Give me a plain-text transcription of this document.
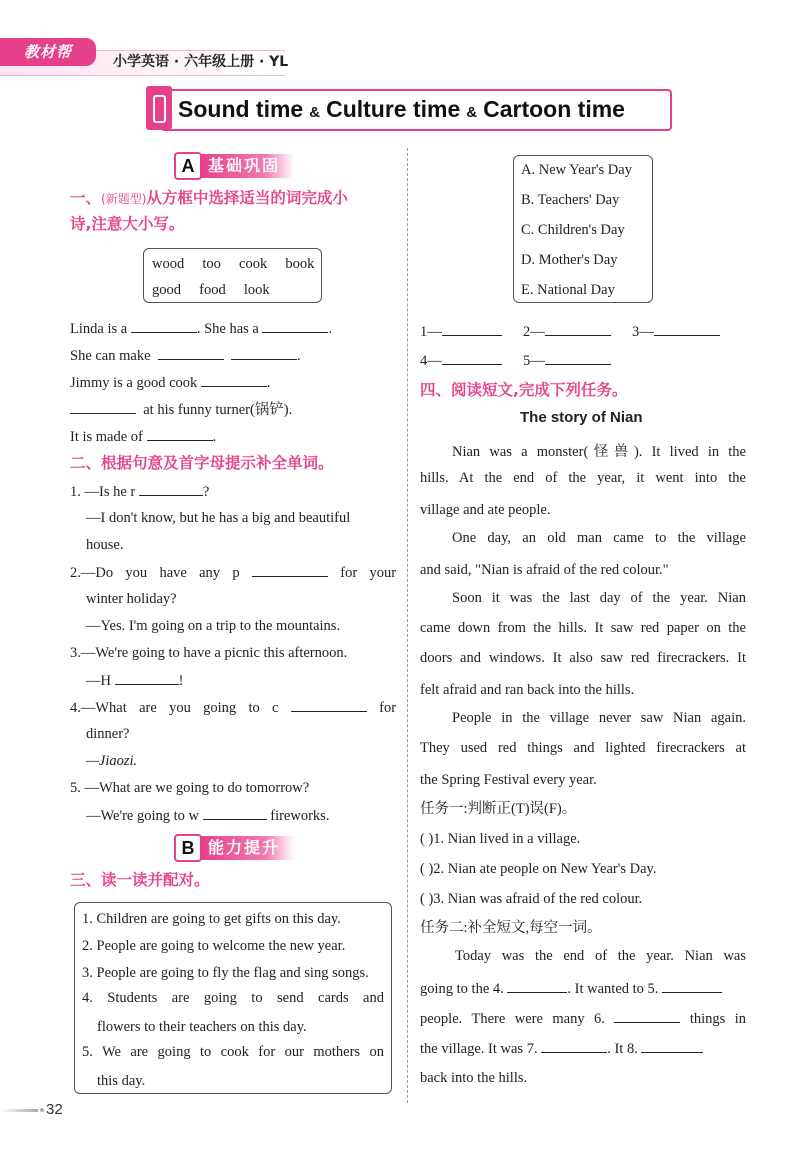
教材帮
小学英语 · 六年级上册 · YL
Sound time & Culture time & Cartoon time
A 基础巩固
一、(新题型)从方框中选择适当的词完成小
诗,注意大小写。
wood too cook book
good food look
Linda is a	. She has a	.
She can make	.
Jimmy is a good cook	.
at his funny turner(锅铲).
It is made of	.
二、根据句意及首字母提示补全单词。
1. —Is he r	?
—I don't know, but he has a big and beautiful
house.
2.—Do you have any p	for your
winter holiday?
—Yes. I'm going on a trip to the mountains.
3.—We're going to have a picnic this afternoon.
—H	!
4.—What are you going to c	for
dinner?
—Jiaozi.
5. —What are we going to do tomorrow?
—We're going to w	fireworks.
B 能力提升
三、读一读并配对。
1. Children are going to get gifts on this day.
2. People are going to welcome the new year.
3. People are going to fly the flag and sing songs.
4. Students are going to send cards and
flowers to their teachers on this day.
5. We are going to cook for our mothers on
this day.
A. New Year's Day
B. Teachers' Day
C. Children's Day
D. Mother's Day
E. National Day
1—	2—	3—
4—	5—
四、阅读短文,完成下列任务。
The story of Nian
Nian was a monster(怪兽). It lived in the
hills. At the end of the year, it went into the
village and ate people.
One day, an old man came to the village
and said, "Nian is afraid of the red colour."
Soon it was the last day of the year. Nian
came down from the hills. It saw red paper on the
doors and windows. It also saw red firecrackers. It
felt afraid and ran back into the hills.
People in the village never saw Nian again.
They used red things and lighted firecrackers at
the Spring Festival every year.
任务一:判断正(T)误(F)。
( )1. Nian lived in a village.
( )2. Nian ate people on New Year's Day.
( )3. Nian was afraid of the red colour.
任务二:补全短文,每空一词。
Today was the end of the year. Nian was
going to the 4.	. It wanted to 5.
people. There were many 6.	things in
the village. It was 7.	. It 8.
back into the hills.
32
